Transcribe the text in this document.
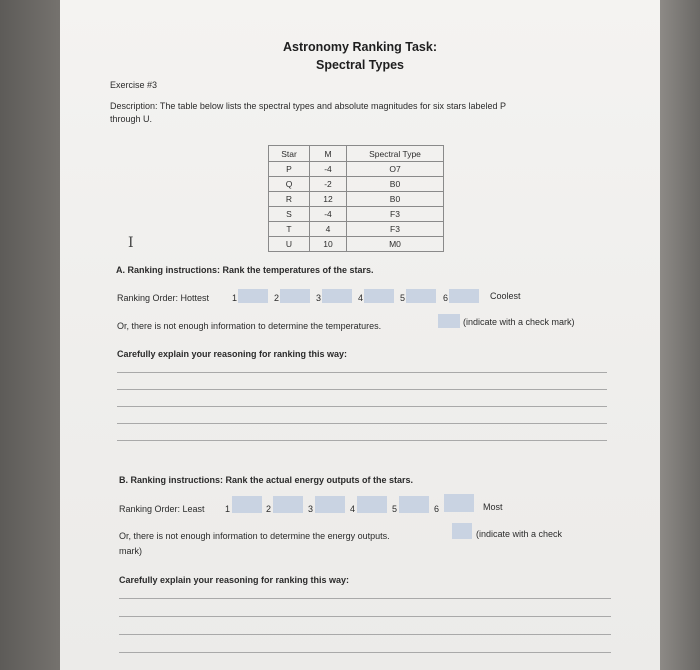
Astronomy Ranking Task:
Spectral Types
Exercise #3
Description: The table below lists the spectral types and absolute magnitudes for six stars labeled P
through U.
Star	M	Spectral Type
P	-4	O7
Q	-2	B0
R	12	B0
S	-4	F3
T	4	F3
U	10	M0
I
A. Ranking instructions: Rank the temperatures of the stars.
Ranking Order: Hottest	1	2	3	4	5	6	Coolest
Or, there is not enough information to determine the temperatures.	(indicate with a check mark)
Carefully explain your reasoning for ranking this way:
B. Ranking instructions: Rank the actual energy outputs of the stars.
Ranking Order: Least 1	2	3	4	5	6	Most
Or, there is not enough information to determine the energy outputs.	(indicate with a check
mark)
Carefully explain your reasoning for ranking this way:
